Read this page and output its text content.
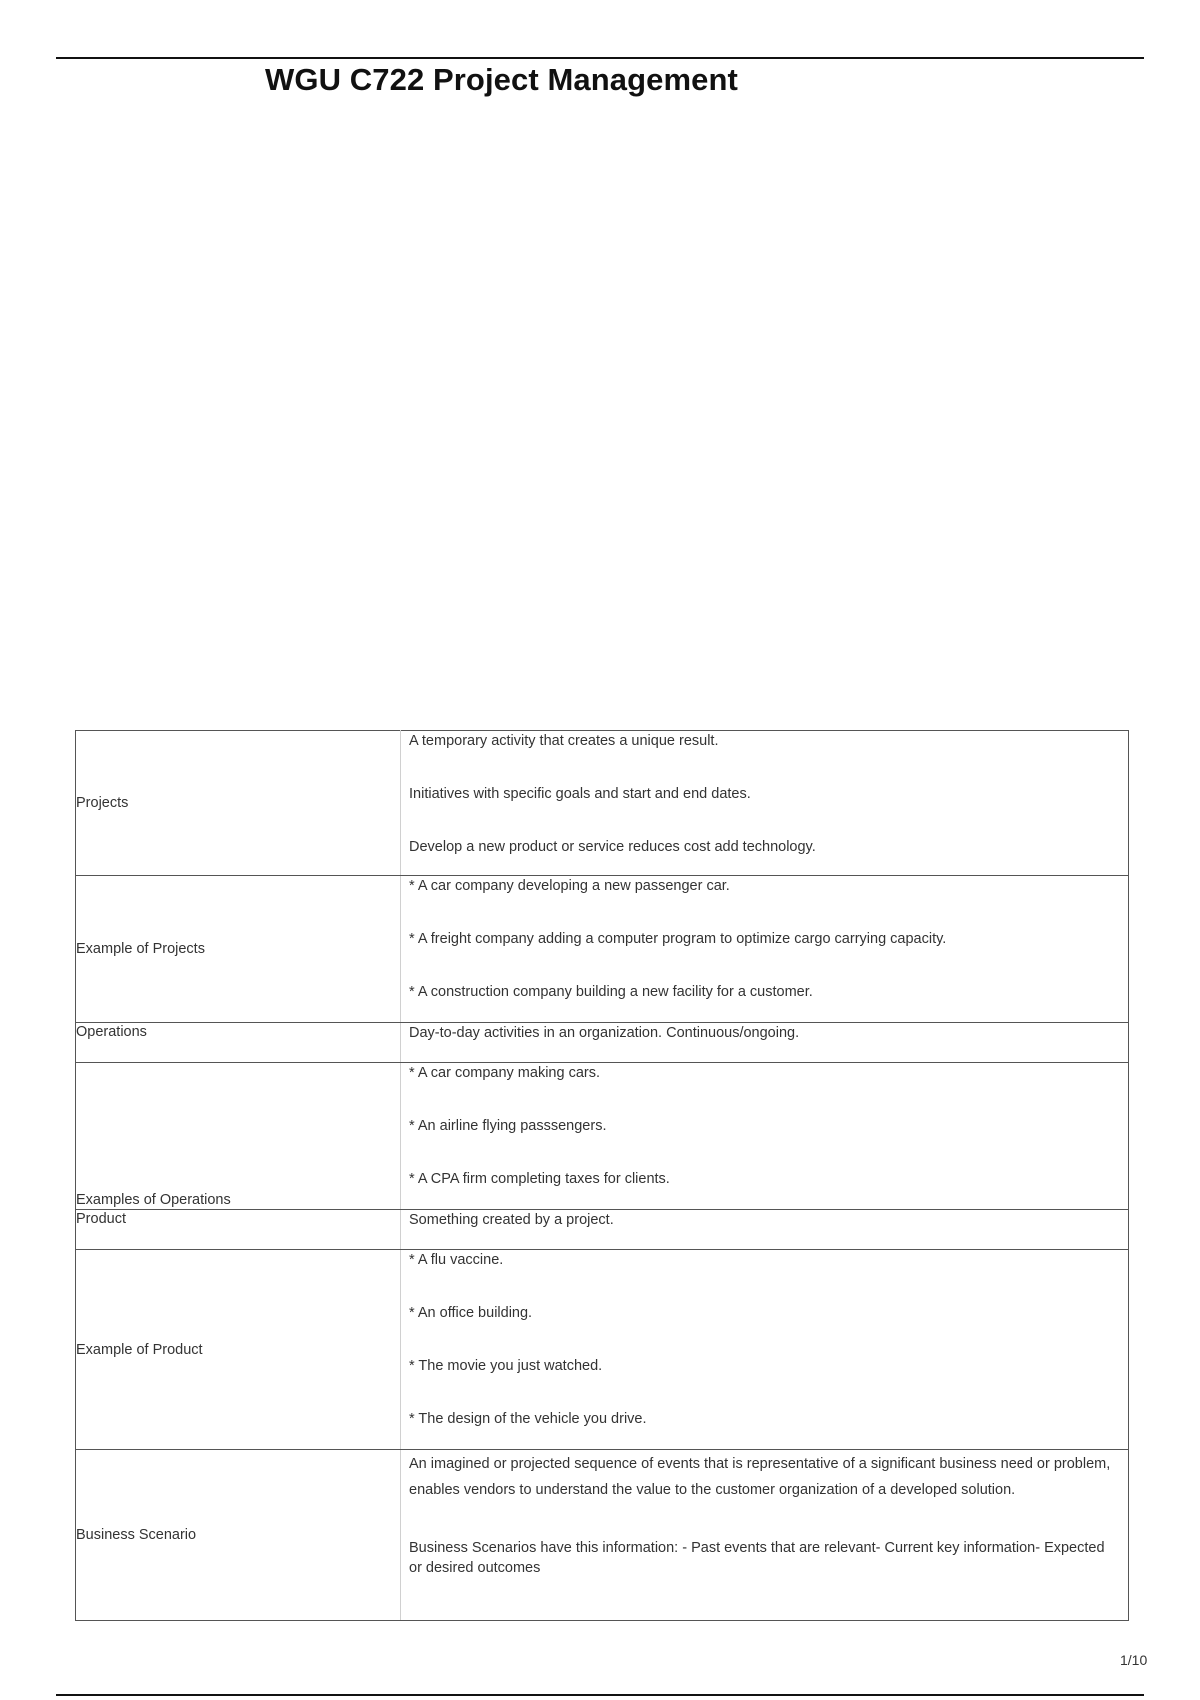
WGU C722 Project Management
Projects	A temporary activity that creates a unique result.

Initiatives with specific goals and start and end dates.

Develop a new product or service reduces cost add technology.

Example of Projects	* A car company developing a new passenger car.

* A freight company adding a computer program to optimize cargo carrying capacity.

* A construction company building a new facility for a customer.

Operations	Day-to-day activities in an organization. Continuous/ongoing.

Examples of Operations	* A car company making cars.

* An airline flying passsengers.

* A CPA firm completing taxes for clients.

Product	Something created by a project.

Example of Product	* A flu vaccine.

* An office building.

* The movie you just watched.

* The design of the vehicle you drive.

Business Scenario	An imagined or projected sequence of events that is representative of a significant business need or problem, enables vendors to understand the value to the customer organization of a developed solution.

Business Scenarios have this information: - Past events that are relevant- Current key information- Expected or desired outcomes

1/10
